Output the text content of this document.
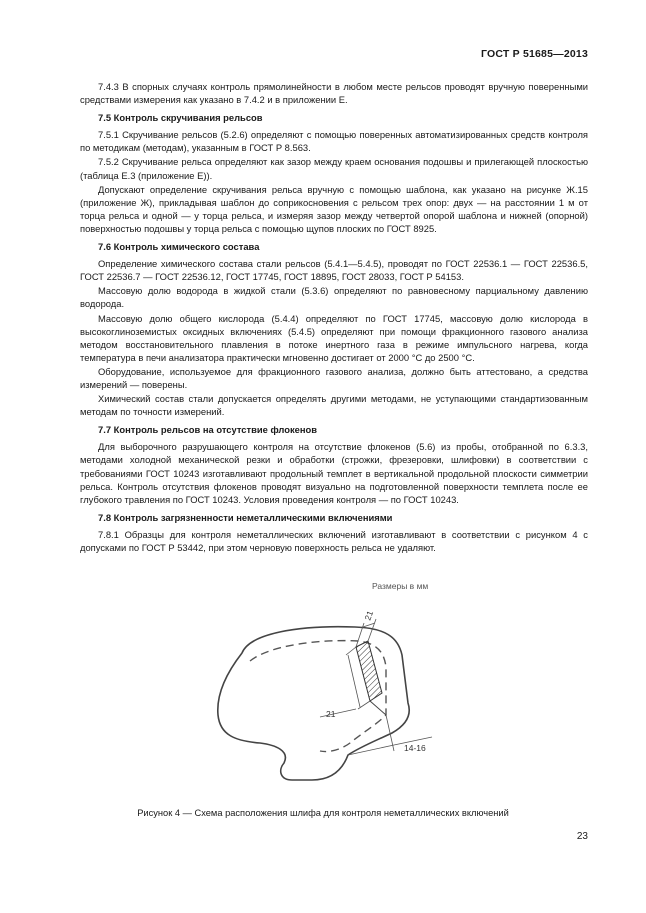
ГОСТ Р 51685—2013
7.4.3 В спорных случаях контроль прямолинейности в любом месте рельсов проводят вручную поверенными средствами измерения как указано в 7.4.2 и в приложении Е.
7.5 Контроль скручивания рельсов
7.5.1 Скручивание рельсов (5.2.6) определяют с помощью поверенных автоматизированных средств контроля по методикам (методам), указанным в ГОСТ Р 8.563.
7.5.2 Скручивание рельса определяют как зазор между краем основания подошвы и прилегающей плоскостью (таблица Е.3 (приложение Е)).
Допускают определение скручивания рельса вручную с помощью шаблона, как указано на рисунке Ж.15 (приложение Ж), прикладывая шаблон до соприкосновения с рельсом трех опор: двух — на расстоянии 1 м от торца рельса и одной — у торца рельса, и измеряя зазор между четвертой опорой шаблона и нижней (опорной) поверхностью подошвы у торца рельса с помощью щупов плоских по ГОСТ 8925.
7.6 Контроль химического состава
Определение химического состава стали рельсов (5.4.1—5.4.5), проводят по ГОСТ 22536.1 — ГОСТ 22536.5, ГОСТ 22536.7 — ГОСТ 22536.12, ГОСТ 17745, ГОСТ 18895, ГОСТ 28033, ГОСТ Р 54153.
Массовую долю водорода в жидкой стали (5.3.6) определяют по равновесному парциальному давлению водорода.
Массовую долю общего кислорода (5.4.4) определяют по ГОСТ 17745, массовую долю кислорода в высокоглиноземистых оксидных включениях (5.4.5) определяют при помощи фракционного газового анализа методом восстановительного плавления в потоке инертного газа в режиме импульсного нагрева, когда температура в печи анализатора практически мгновенно достигает от 2000 °С до 2500 °С.
Оборудование, используемое для фракционного газового анализа, должно быть аттестовано, а средства измерений — поверены.
Химический состав стали допускается определять другими методами, не уступающими стандартизованным методам по точности измерений.
7.7 Контроль рельсов на отсутствие флокенов
Для выборочного разрушающего контроля на отсутствие флокенов (5.6) из пробы, отобранной по 6.3.3, методами холодной механической резки и обработки (строжки, фрезеровки, шлифовки) в соответствии с требованиями ГОСТ 10243 изготавливают продольный темплет в вертикальной продольной плоскости симметрии рельса. Контроль отсутствия флокенов проводят визуально на подготовленной поверхности темплета после ее глубокого травления по ГОСТ 10243. Условия проведения контроля — по ГОСТ 10243.
7.8 Контроль загрязненности неметаллическими включениями
7.8.1 Образцы для контроля неметаллических включений изготавливают в соответствии с рисунком 4 с допусками по ГОСТ Р 53442, при этом черновую поверхность рельса не удаляют.
Размеры в мм
21
21
14-16
Рисунок 4 — Схема расположения шлифа для контроля неметаллических включений
23
